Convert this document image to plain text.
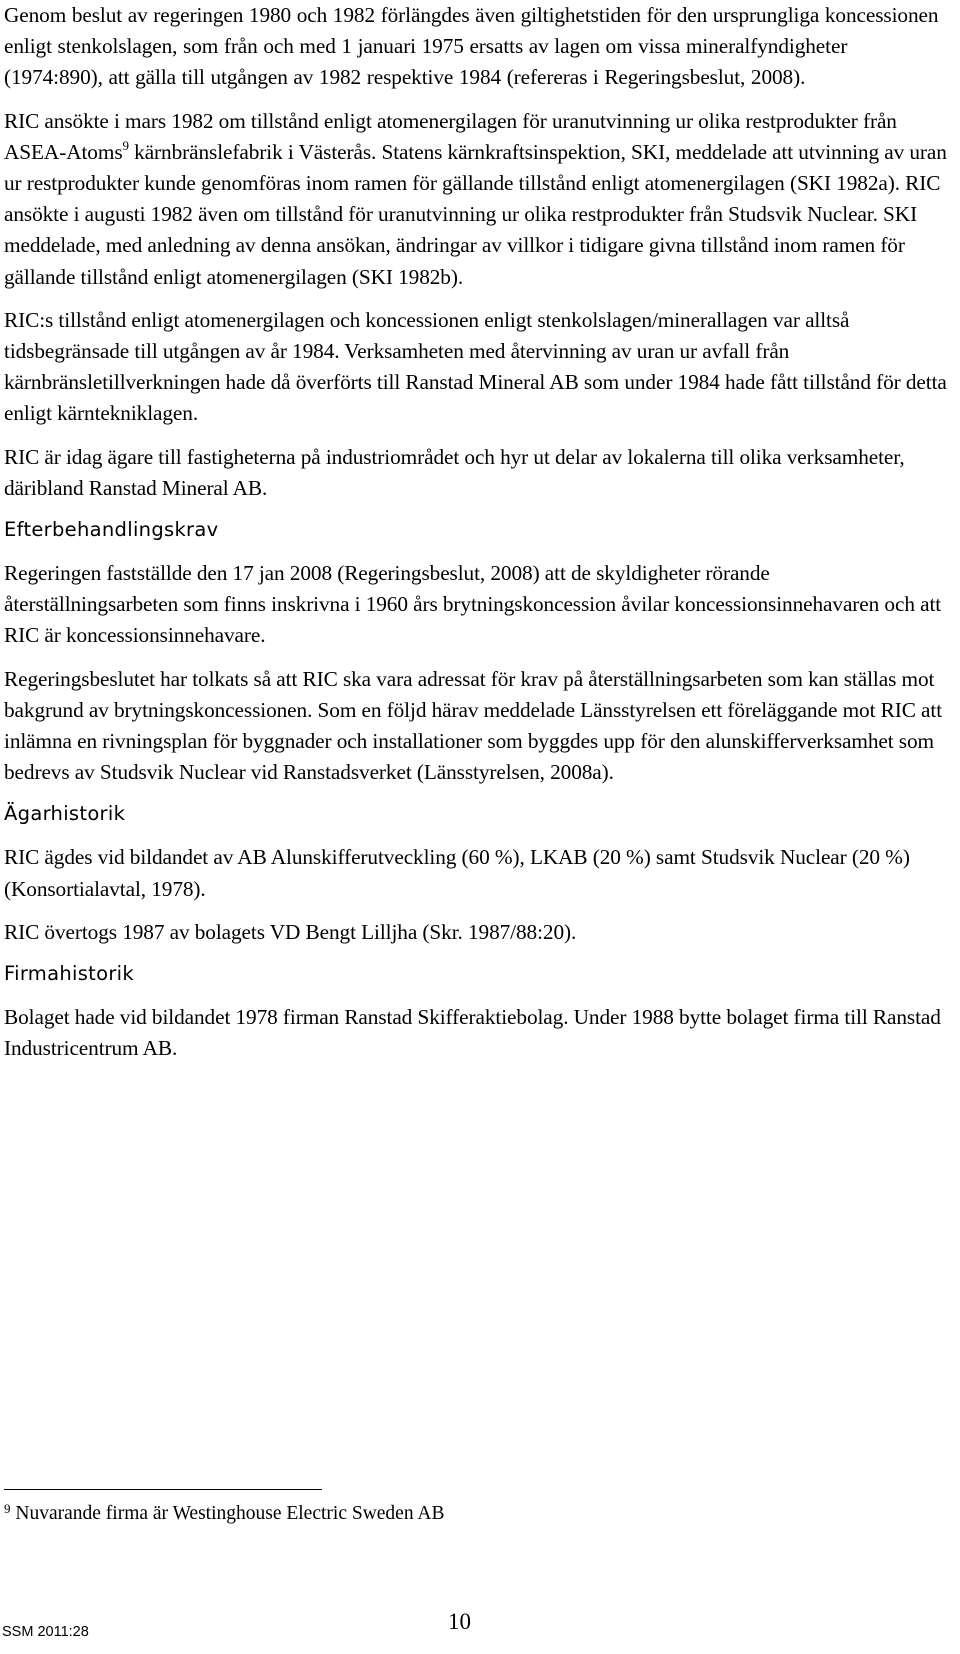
Genom beslut av regeringen 1980 och 1982 förlängdes även giltighetstiden för den ursprungliga koncessionen enligt stenkolslagen, som från och med 1 januari 1975 ersatts av lagen om vissa mineralfyndigheter (1974:890), att gälla till utgången av 1982 respektive 1984 (refereras i Regeringsbeslut, 2008).

RIC ansökte i mars 1982 om tillstånd enligt atomenergilagen för uranutvinning ur olika restprodukter från ASEA-Atoms$^9$ kärnbränslefabrik i Västerås. Statens kärnkraftsinspektion, SKI, meddelade att utvinning av uran ur restprodukter kunde genomföras inom ramen för gällande tillstånd enligt atomenergilagen (SKI 1982a). RIC ansökte i augusti 1982 även om tillstånd för uranutvinning ur olika restprodukter från Studsvik Nuclear. SKI meddelade, med anledning av denna ansökan, ändringar av villkor i tidigare givna tillstånd inom ramen för gällande tillstånd enligt atomenergilagen (SKI 1982b).

RIC:s tillstånd enligt atomenergilagen och koncessionen enligt stenkolslagen/minerallagen var alltså tidsbegränsade till utgången av år 1984. Verksamheten med återvinning av uran ur avfall från kärnbränsletillverkningen hade då överförts till Ranstad Mineral AB som under 1984 hade fått tillstånd för detta enligt kärntekniklagen.

RIC är idag ägare till fastigheterna på industriområdet och hyr ut delar av lokalerna till olika verksamheter, däribland Ranstad Mineral AB.

Efterbehandlingskrav

Regeringen fastställde den 17 jan 2008 (Regeringsbeslut, 2008) att de skyldigheter rörande återställningsarbeten som finns inskrivna i 1960 års brytningskoncession åvilar koncessionsinnehavaren och att RIC är koncessionsinnehavare.

Regeringsbeslutet har tolkats så att RIC ska vara adressat för krav på återställningsarbeten som kan ställas mot bakgrund av brytningskoncessionen. Som en följd härav meddelade Länsstyrelsen ett föreläggande mot RIC att inlämna en rivningsplan för byggnader och installationer som byggdes upp för den alunskifferverksamhet som bedrevs av Studsvik Nuclear vid Ranstadsverket (Länsstyrelsen, 2008a).

Ägarhistorik

RIC ägdes vid bildandet av AB Alunskifferutveckling (60 %), LKAB (20 %) samt Studsvik Nuclear (20 %) (Konsortialavtal, 1978).

RIC övertogs 1987 av bolagets VD Bengt Lilljha (Skr. 1987/88:20).

Firmahistorik

Bolaget hade vid bildandet 1978 firman Ranstad Skifferaktiebolag. Under 1988 bytte bolaget firma till Ranstad Industricentrum AB.

$^9$ Nuvarande firma är Westinghouse Electric Sweden AB
SSM 2011:28	10
